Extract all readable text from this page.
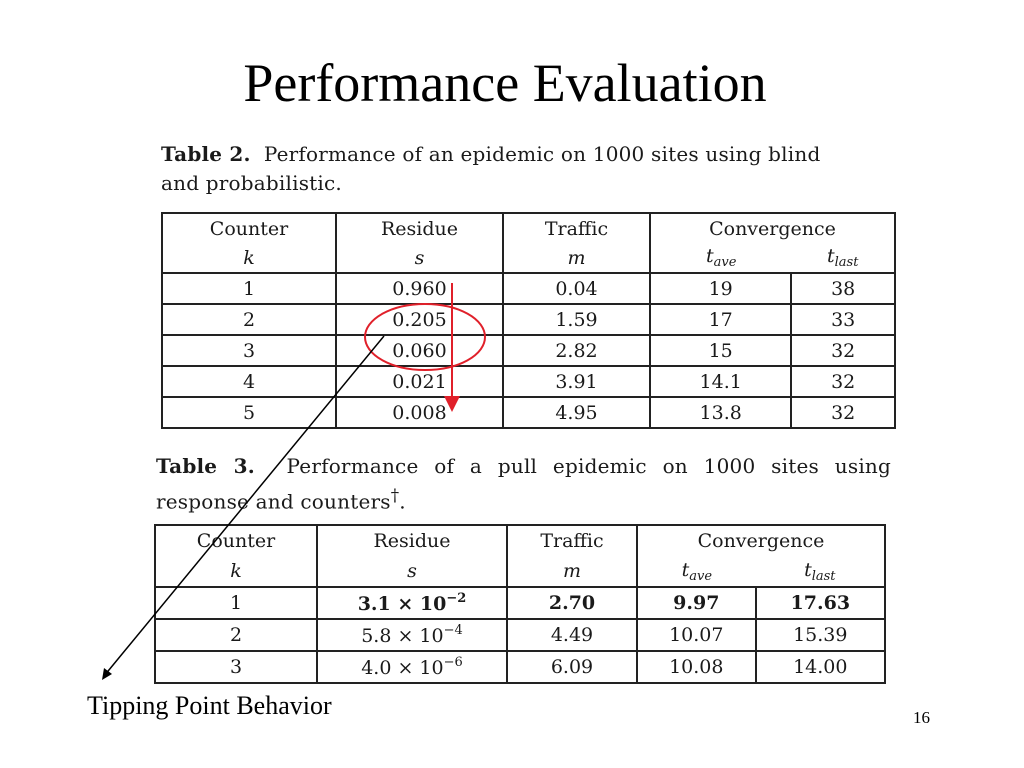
Performance Evaluation
Table 2. Performance of an epidemic on 1000 sites using blind
and probabilistic.
Counter	Residue	Traffic	Convergence	
k	s	m	$t_{ave}$	$t_{last}$
1	0.960	0.04	19	38
2	0.205	1.59	17	33
3	0.060	2.82	15	32
4	0.021	3.91	14.1	32
5	0.008	4.95	13.8	32
Table 3. Performance of a pull epidemic on 1000 sites using
response and counters†.
Counter	Residue	Traffic	Convergence	
k	s	m	$t_{ave}$	$t_{last}$
1	$3.1 \times 10^{-2}$	2.70	9.97	17.63
2	$5.8 \times 10^{-4}$	4.49	10.07	15.39
3	$4.0 \times 10^{-6}$	6.09	10.08	14.00
Tipping Point Behavior	16
